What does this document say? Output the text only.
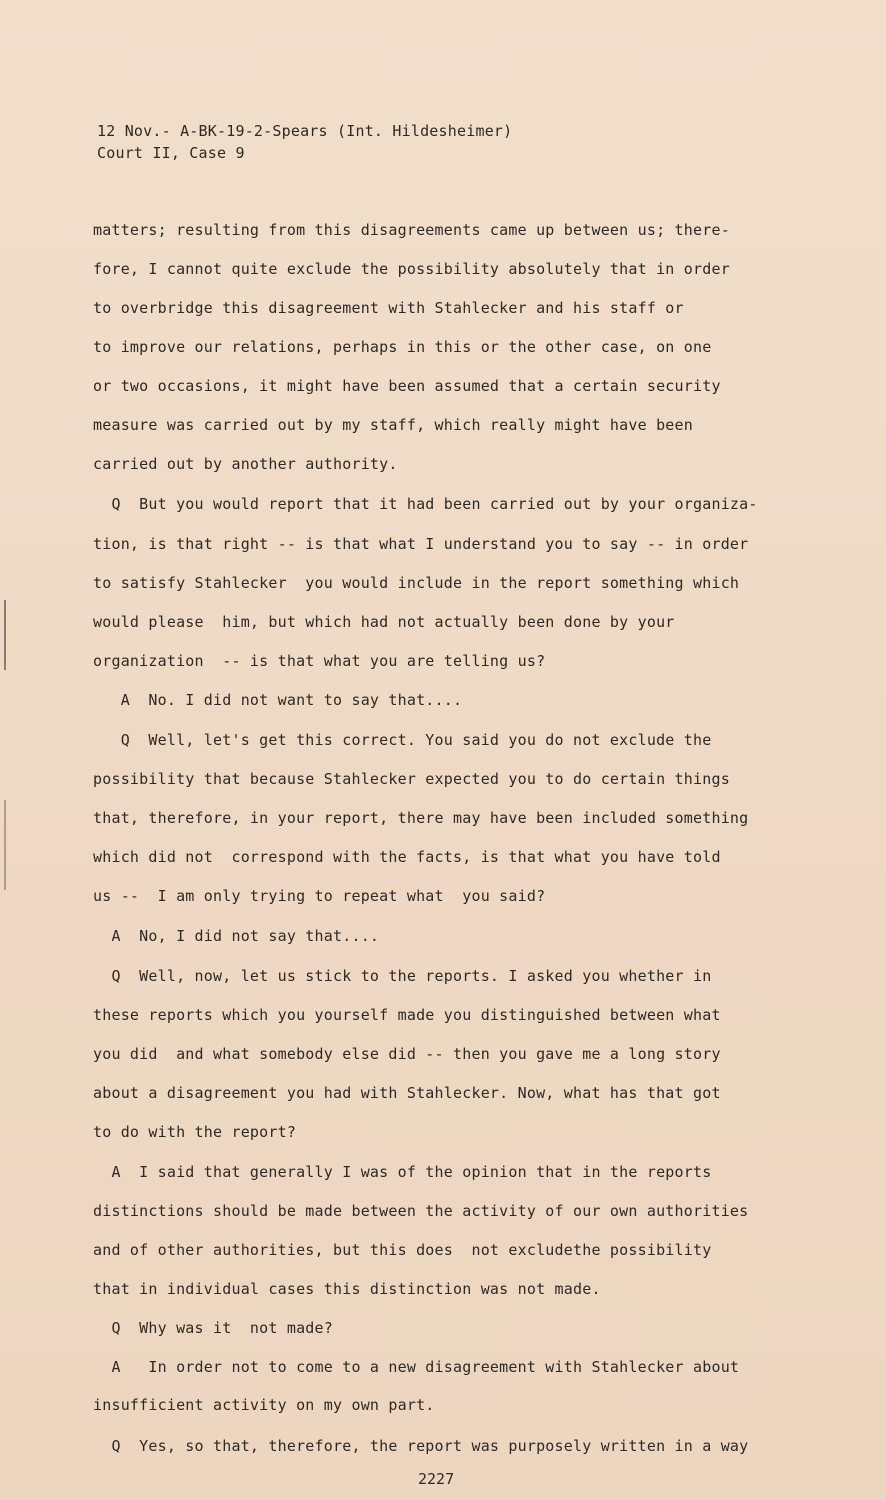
12 Nov.- A-BK-19-2-Spears (Int. Hildesheimer)
Court II, Case 9
matters; resulting from this disagreements came up between us; there-
fore, I cannot quite exclude the possibility absolutely that in order
to overbridge this disagreement with Stahlecker and his staff or
to improve our relations, perhaps in this or the other case, on one
or two occasions, it might have been assumed that a certain security
measure was carried out by my staff, which really might have been
carried out by another authority.
Q  But you would report that it had been carried out by your organiza-
tion, is that right -- is that what I understand you to say -- in order
to satisfy Stahlecker  you would include in the report something which
would please  him, but which had not actually been done by your
organization  -- is that what you are telling us?
A  No. I did not want to say that....
Q  Well, let's get this correct. You said you do not exclude the
possibility that because Stahlecker expected you to do certain things
that, therefore, in your report, there may have been included something
which did not  correspond with the facts, is that what you have told
us --  I am only trying to repeat what  you said?
A  No, I did not say that....
Q  Well, now, let us stick to the reports. I asked you whether in
these reports which you yourself made you distinguished between what
you did  and what somebody else did -- then you gave me a long story
about a disagreement you had with Stahlecker. Now, what has that got
to do with the report?
A  I said that generally I was of the opinion that in the reports
distinctions should be made between the activity of our own authorities
and of other authorities, but this does  not excludethe possibility
that in individual cases this distinction was not made.
Q  Why was it  not made?
A   In order not to come to a new disagreement with Stahlecker about
insufficient activity on my own part.
Q  Yes, so that, therefore, the report was purposely written in a way
2227
